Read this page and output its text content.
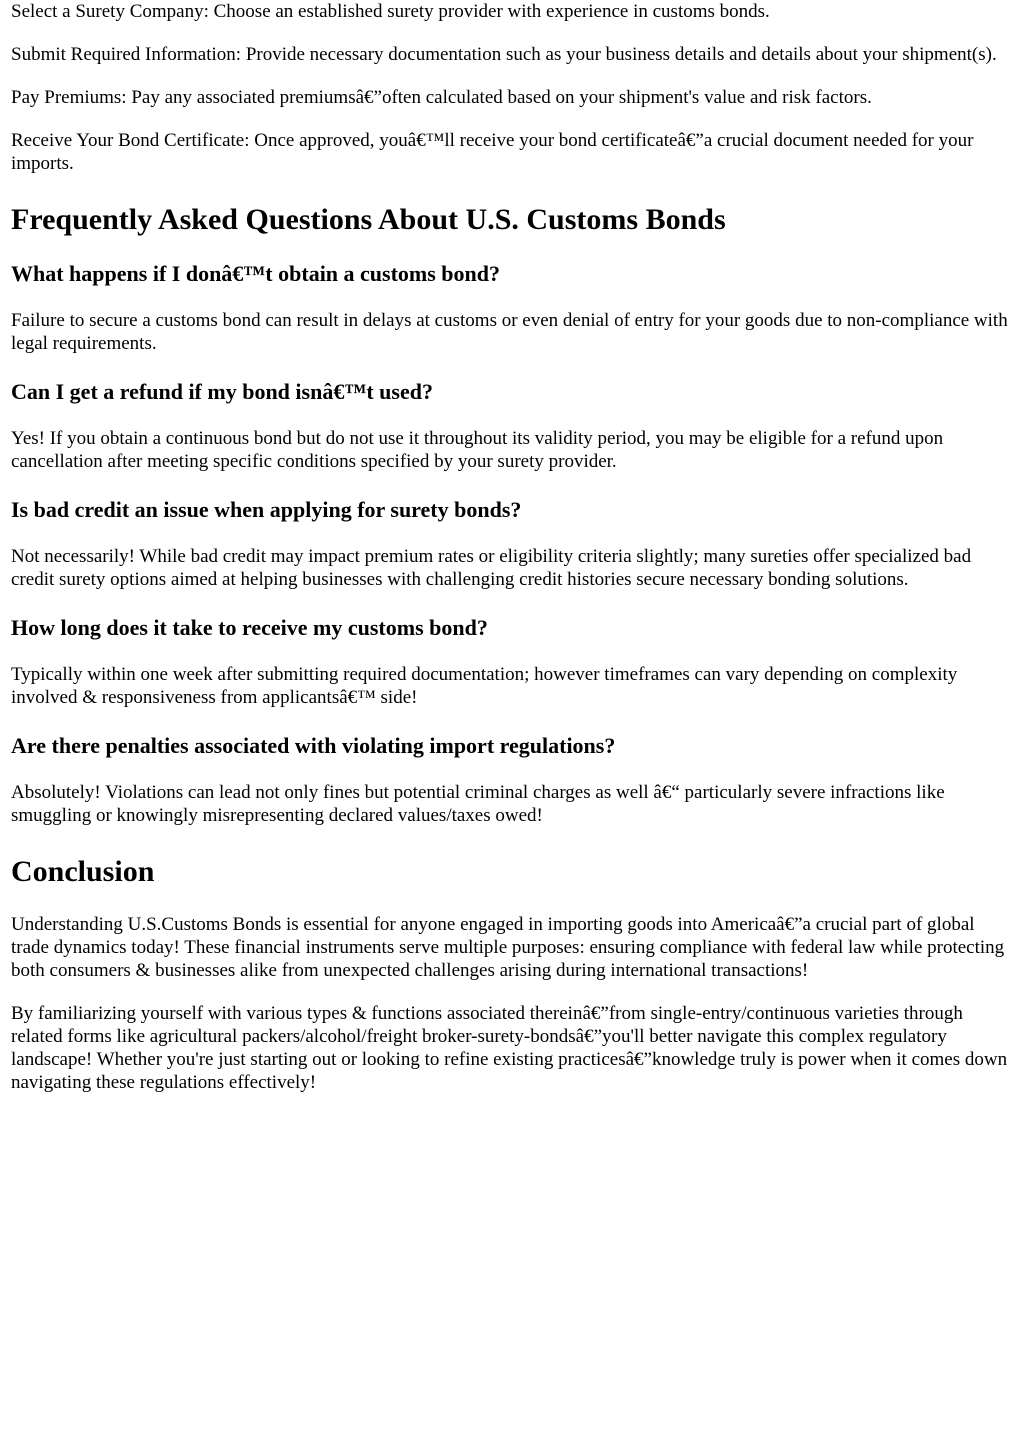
Select a Surety Company: Choose an established surety provider with experience in customs bonds.

Submit Required Information: Provide necessary documentation such as your business details and details about your shipment(s).

Pay Premiums: Pay any associated premiumsâ€”often calculated based on your shipment's value and risk factors.

Receive Your Bond Certificate: Once approved, youâ€™ll receive your bond certificateâ€”a crucial document needed for your imports.

Frequently Asked Questions About U.S. Customs Bonds
What happens if I donâ€™t obtain a customs bond?

Failure to secure a customs bond can result in delays at customs or even denial of entry for your goods due to non-compliance with legal requirements.

Can I get a refund if my bond isnâ€™t used?

Yes! If you obtain a continuous bond but do not use it throughout its validity period, you may be eligible for a refund upon cancellation after meeting specific conditions specified by your surety provider.

Is bad credit an issue when applying for surety bonds?

Not necessarily! While bad credit may impact premium rates or eligibility criteria slightly; many sureties offer specialized bad credit surety options aimed at helping businesses with challenging credit histories secure necessary bonding solutions.

How long does it take to receive my customs bond?

Typically within one week after submitting required documentation; however timeframes can vary depending on complexity involved & responsiveness from applicantsâ€™ side!

Are there penalties associated with violating import regulations?

Absolutely! Violations can lead not only fines but potential criminal charges as well â€“ particularly severe infractions like smuggling or knowingly misrepresenting declared values/taxes owed!

Conclusion

Understanding U.S.Customs Bonds is essential for anyone engaged in importing goods into Americaâ€”a crucial part of global trade dynamics today! These financial instruments serve multiple purposes: ensuring compliance with federal law while protecting both consumers & businesses alike from unexpected challenges arising during international transactions!

By familiarizing yourself with various types & functions associated thereinâ€”from single-entry/continuous varieties through related forms like agricultural packers/alcohol/freight broker-surety-bondsâ€”you'll better navigate this complex regulatory landscape! Whether you're just starting out or looking to refine existing practicesâ€”knowledge truly is power when it comes down navigating these regulations effectively!
